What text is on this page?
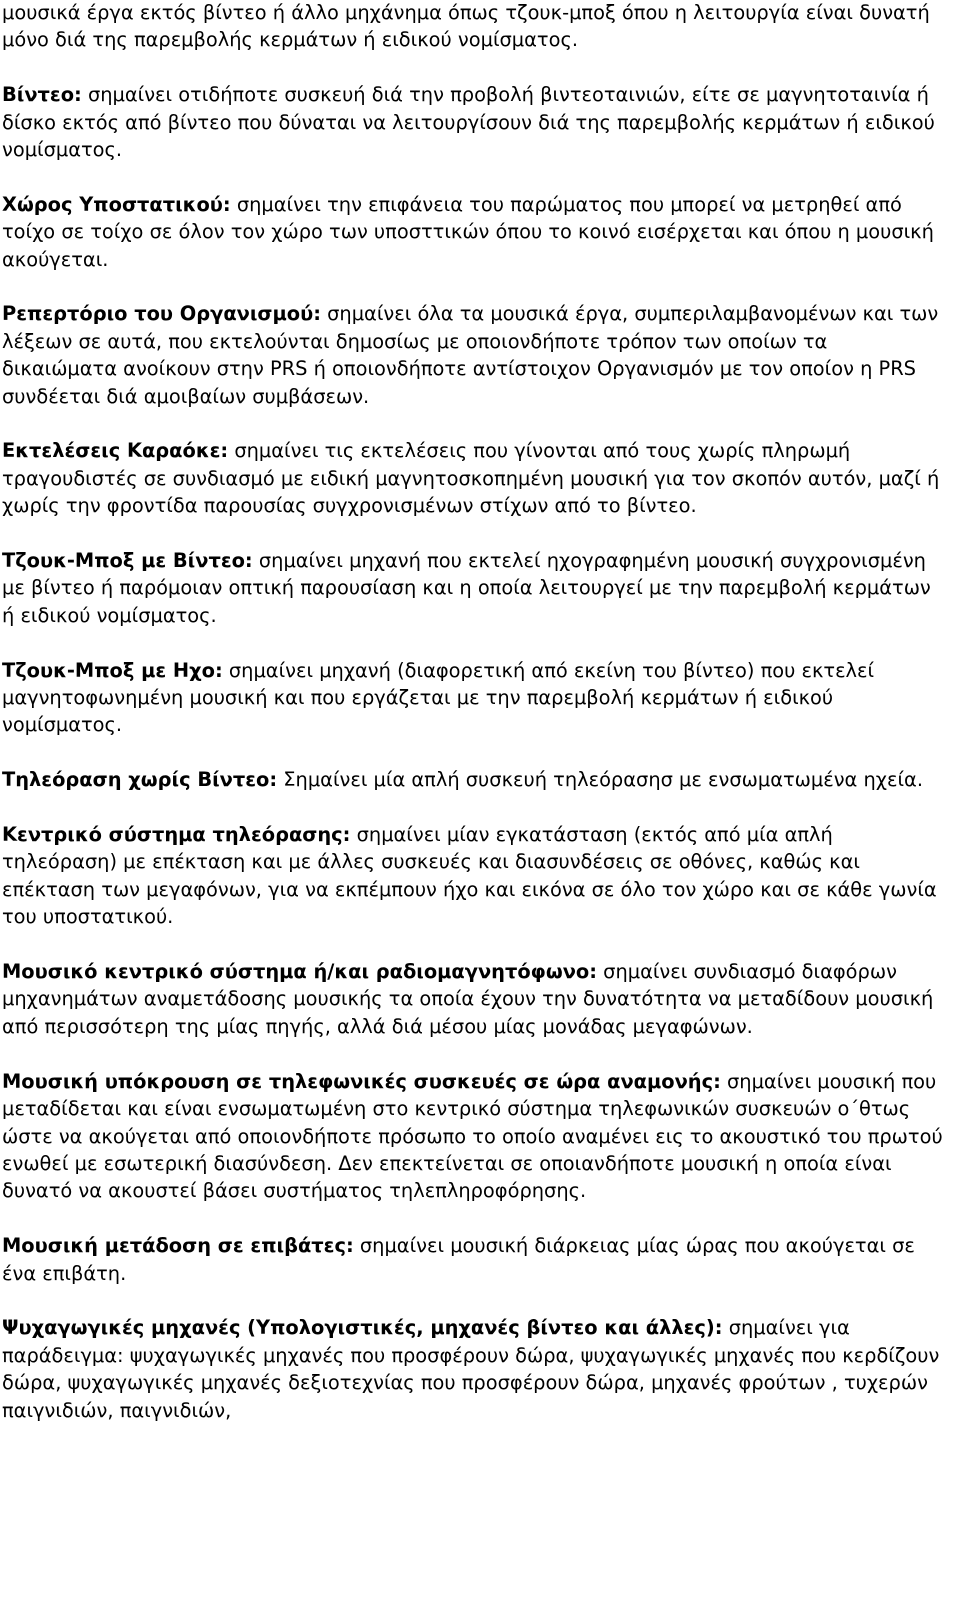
μουσικά έργα εκτός βίντεο ή άλλο μηχάνημα όπως τζουκ-μποξ όπου η λειτουργία είναι δυνατή μόνο διά της παρεμβολής κερμάτων ή ειδικού νομίσματος.

Βίντεο: σημαίνει οτιδήποτε συσκευή διά την προβολή βιντεοταινιών, είτε σε μαγνητοταινία ή δίσκο εκτός από βίντεο που δύναται να λειτουργίσουν διά της παρεμβολής κερμάτων ή ειδικού νομίσματος.

Χώρος Υποστατικού: σημαίνει την επιφάνεια του παρώματος που μπορεί να μετρηθεί από τοίχο σε τοίχο σε όλον τον χώρο των υποσττικών όπου το κοινό εισέρχεται και όπου η μουσική ακούγεται.

Ρεπερτόριο του Οργανισμού: σημαίνει όλα τα μουσικά έργα, συμπεριλαμβανομένων και των λέξεων σε αυτά, που εκτελούνται δημοσίως με οποιονδήποτε τρόπον των οποίων τα δικαιώματα ανοίκουν στην PRS ή οποιονδήποτε αντίστοιχον Οργανισμόν με τον οποίον η PRS συνδέεται διά αμοιβαίων συμβάσεων.

Εκτελέσεις Καραόκε: σημαίνει τις εκτελέσεις που γίνονται από τους χωρίς πληρωμή τραγουδιστές σε συνδιασμό με ειδική μαγνητοσκοπημένη μουσική για τον σκοπόν αυτόν, μαζί ή χωρίς την φροντίδα παρουσίας συγχρονισμένων στίχων από το βίντεο.

Τζουκ-Μποξ με Βίντεο: σημαίνει μηχανή που εκτελεί ηχογραφημένη μουσική συγχρονισμένη με βίντεο ή παρόμοιαν οπτική παρουσίαση και η οποία λειτουργεί με την παρεμβολή κερμάτων ή ειδικού νομίσματος.

Τζουκ-Μποξ με Ηχο: σημαίνει μηχανή (διαφορετική από εκείνη του βίντεο) που εκτελεί μαγνητοφωνημένη μουσική και που εργάζεται με την παρεμβολή κερμάτων ή ειδικού νομίσματος.

Τηλεόραση χωρίς Βίντεο: Σημαίνει μία απλή συσκευή τηλεόρασησ με ενσωματωμένα ηχεία.

Κεντρικό σύστημα τηλεόρασης: σημαίνει μίαν εγκατάσταση (εκτός από μία απλή τηλεόραση) με επέκταση και με άλλες συσκευές και διασυνδέσεις σε οθόνες, καθώς και επέκταση των μεγαφόνων, για να εκπέμπουν ήχο και εικόνα σε όλο τον χώρο και σε κάθε γωνία του υποστατικού.

Μουσικό κεντρικό σύστημα ή/και ραδιομαγνητόφωνο: σημαίνει συνδιασμό διαφόρων μηχανημάτων αναμετάδοσης μουσικής τα οποία έχουν την δυνατότητα να μεταδίδουν μουσική από περισσότερη της μίας πηγής, αλλά διά μέσου μίας μονάδας μεγαφώνων.

Μουσική υπόκρουση σε τηλεφωνικές συσκευές σε ώρα αναμονής: σημαίνει μουσική που μεταδίδεται και είναι ενσωματωμένη στο κεντρικό σύστημα τηλεφωνικών συσκευών ο΄θτως ώστε να ακούγεται από οποιονδήποτε πρόσωπο το οποίο αναμένει εις το ακουστικό του πρωτού ενωθεί με εσωτερική διασύνδεση. Δεν επεκτείνεται σε οποιανδήποτε μουσική η οποία είναι δυνατό να ακουστεί βάσει συστήματος τηλεπληροφόρησης.

Μουσική μετάδοση σε επιβάτες: σημαίνει μουσική διάρκειας μίας ώρας που ακούγεται σε ένα επιβάτη.

Ψυχαγωγικές μηχανές (Υπολογιστικές, μηχανές βίντεο και άλλες): σημαίνει για παράδειγμα: ψυχαγωγικές μηχανές που προσφέρουν δώρα, ψυχαγωγικές μηχανές που κερδίζουν δώρα, ψυχαγωγικές μηχανές δεξιοτεχνίας που προσφέρουν δώρα, μηχανές φρούτων , τυχερών παιγνιδιών, παιγνιδιών,
